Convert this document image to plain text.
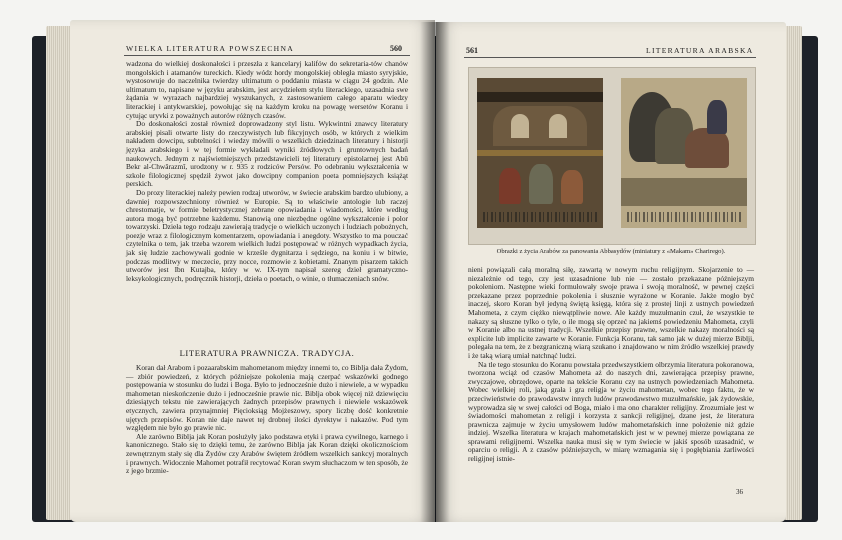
WIELKA LITERATURA POWSZECHNA	560

wadzona do wielkiej doskonałości i przeszła z kancelaryj kalifów do sekretaria-tów chanów mongolskich i atamanów tureckich. Kiedy wódz hordy mongolskiej obległa miasto syryjskie, wystosowuje do naczelnika twierdzy ultimatum o poddaniu miasta w ciągu 24 godzin. Ale ultimatum to, napisane w języku arabskim, jest arcydziełem stylu literackiego, uzasadnia swe żądania w wyrazach najbardziej wyszukanych, z zastosowaniem całego aparatu wiedzy literackiej i antykwarskiej, powołując się na każdym kroku na powagę wersetów Koranu i cytując uryvki z poważnych autorów różnych czasów.

Do doskonałości został równieź doprowadzony styl listu. Wykwintni znawcy literatury arabskiej pisali otwarte listy do rzeczywistych lub fikcyjnych osób, w których z wielkim nakładem dowcipu, subtelności i wiedzy mówili o wszelkich dziedzinach literatury i historji języka arabskiego i w tej formie wykładali wyniki źródłowych i gruntownych badań naukowych. Jednym z najświetniejszych przedstawicieli tej literatury epistolarnej jest Abû Bekr al-Chwârazmî, urodzony w r. 935 z rodziców Persów. Po odebraniu wykształcenia w szkole filologicznej spędził żywot jako dowcipny companion poeta pomniejszych książąt perskich.

Do prozy literackiej należy pewien rodzaj utworów, w świecie arabskim bardzo ulubiony, a dawniej rozpowszechniony również w Europie. Są to właściwie antologie lub raczej chrestomatje, w formie beletrystycznej zebrane opowiadania i wiadomości, które według autora mogą być potrzebne każdemu. Stanowią one niezbędne ogólne wykształcenie i polor towarzyski. Dzieła tego rodzaju zawierają tradycje o wielkich uczonych i ludziach pobożnych, poezje wraz z filologicznym komentarzem, opowiadania i anegdoty. Wszystko to ma pouczać czytelnika o tem, jak trzeba wzorem wielkich ludzi postępować w różnych wypadkach życia, jak się ludzie zachowywali godnie w krześle dygnitarza i sędziego, na koniu i w bitwie, podczas modlitwy w meczecie, przy nocce, rozmowie z kobietami. Znanym pisarzem takich utworów jest Ibn Kutajba, który w w. IX-tym napisał szereg dzieł gramatyczno-leksykologicznych, podręcznik historji, dzieła o poetach, o winie, o tłumaczeniach snów.

LITERATURA PRAWNICZA. TRADYCJA.

Koran dał Arabom i pozaarabskim mahometanom między innemi to, co Biblja dała Żydom, — zbiór powiedzeń, z których późniejsze pokolenia mają czerpać wskazówki godnego postępowania w stosunku do ludzi i Boga. Było to jednocześnie dużo i niewiele, a w wypadku mahometan nieskończenie dużo i jednocześnie prawie nic. Biblja obok więcej niż dziewięciu dziesiątych tekstu nie zawierających żadnych przepisów prawnych i niewiele wskazówek etycznych, zawiera przynajmniej Pięcioksiąg Mojżeszowy, spory liczbę dość konkretnie ujętych przepisów. Koran nie daje nawet tej drobnej ilości dyrektyw i nakazów. Pod tym względem nie było go prawie nic.

Ale zarówno Biblja jak Koran posłużyły jako podstawa etyki i prawa cywilnego, karnego i kanonicznego. Stało się to dzięki temu, że zarówno Biblja jak Koran dzięki okolicznościom zewnętrznym stały się dla Żydów czy Arabów świętem źródłem wszelkich sankcyj moralnych i prawnych. Widocznie Mahomet potrafił recytować Koran swym słuchaczom w ten sposób, że z jego brzmie-

561	LITERATURA ARABSKA
Obrazki z życia Arabów za panowania Abbasydów (miniatury z «Makam» Charirego).

nieni powiązali całą moralną siłę, zawartą w nowym ruchu religijnym. Skojarzenie to — niezależnie od tego, czy jest uzasadnione lub nie — zostało przekazane późniejszym pokoleniom. Następne wieki formułowały swoje prawa i swoją moralność, w pewnej części przekazane przez poprzednie pokolenia i słusznie wyrażone w Koranie. Jakże mogło być inaczej, skoro Koran był jedyną świętą księgą, która się z prostej linji z ustnych powiedzeń Mahometa, z czym ciężko niewątpliwie nowe. Ale każdy muzułmanin czuł, że wszystkie te nakazy są słuszne tylko o tyle, o ile mogą się oprzeć na jakiemś powiedzeniu Mahometa, czyli w Koranie albo na ustnej tradycji. Wszelkie przepisy prawne, wszelkie nakazy moralności są explicite lub implicite zawarte w Koranie. Funkcja Koranu, tak samo jak w dużej mierze Biblji, polegała na tem, że z bezgraniczną wiarą szukano i znajdowano w nim źródło wszelkiej prawdy i że taką wiarą umiał natchnąć ludzi.

Na tle tego stosunku do Koranu powstała przedwszystkiem olbrzymia literatura pokoranowa, tworzona wciąż od czasów Mahometa aż do naszych dni, zawierająca przepisy prawne, zwyczajowe, obrzędowe, oparte na tekście Koranu czy na ustnych powiedzeniach Mahometa. Wobec wielkiej roli, jaką grała i gra religja w życiu mahometan, wobec tego faktu, że w przeciwieństwie do prawodawstw innych ludów prawodawstwo muzułmańskie, jak żydowskie, wyprowadza się w swej całości od Boga, miało i ma ono charakter religijny. Zrozumiałe jest w świadomości mahometan z religji i korzysta z sankcji religijnej, dzane jest, że literatura prawnicza zajmuje w życiu umysłowem ludów mahometańskich inne położenie niż gdzie indziej. Wszelka literatura w krajach mahometańskich jest w w pewnej mierze powiązana ze sprawami religijnemi. Wszelka nauka musi się w tym świecie w jakiś sposób uzasadnić, w oparciu o religji. A z czasów późniejszych, w miarę wzmagania się i pogłębiania żarliwości religijnej istnie-

36
